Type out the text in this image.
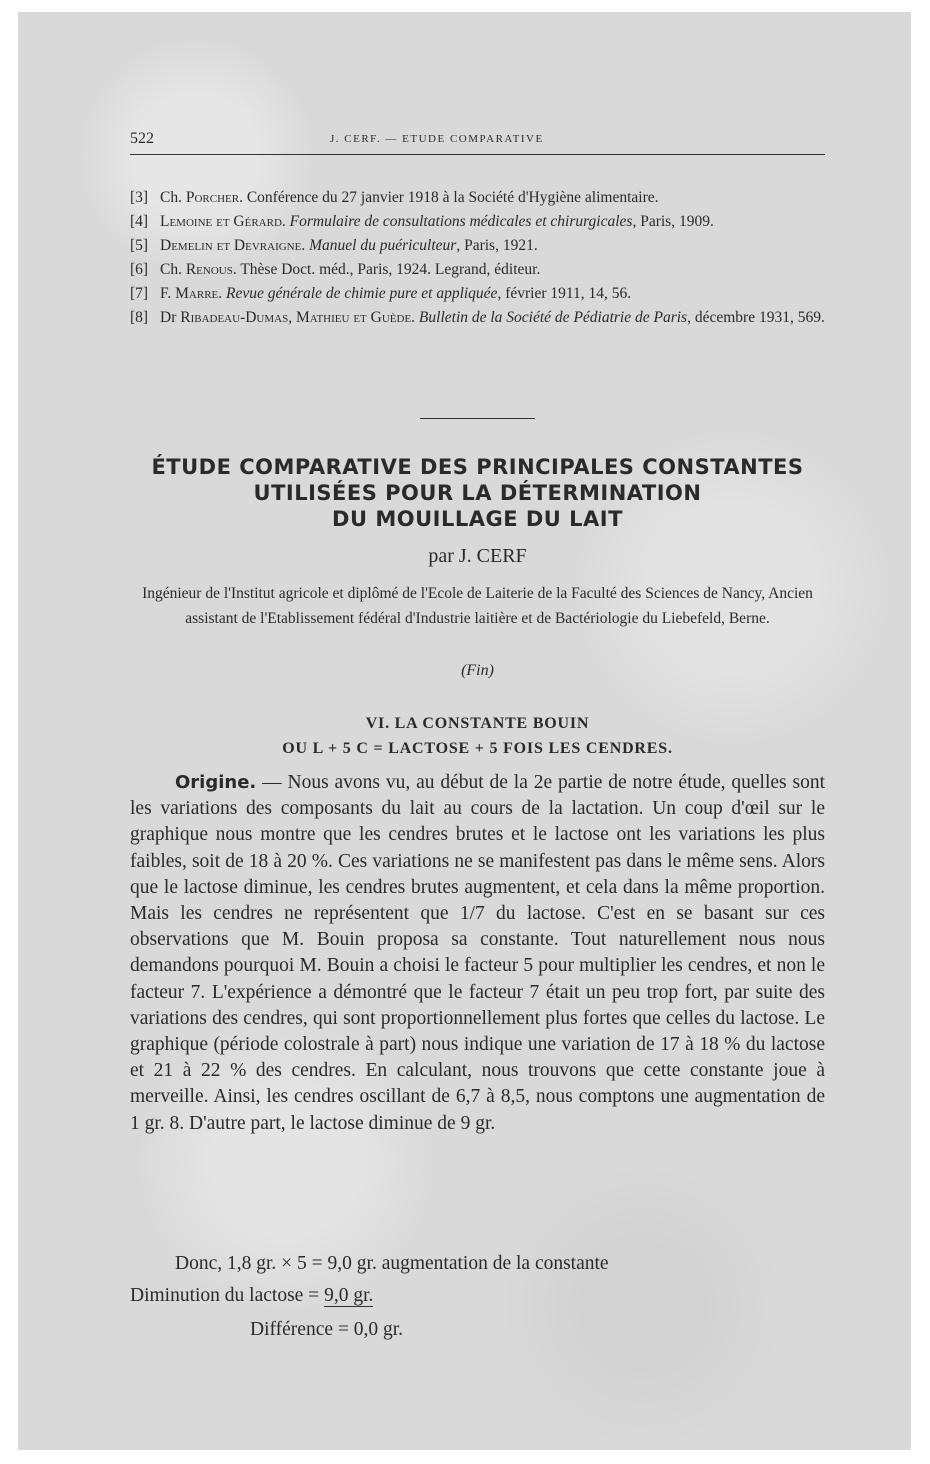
522	J. CERF. — ETUDE COMPARATIVE

[3] Ch. Porcher. Conférence du 27 janvier 1918 à la Société d'Hygiène alimentaire.

[4] Lemoine et Gérard. Formulaire de consultations médicales et chirurgicales, Paris, 1909.

[5] Demelin et Devraigne. Manuel du puériculteur, Paris, 1921.

[6] Ch. Renous. Thèse Doct. méd., Paris, 1924. Legrand, éditeur.

[7] F. Marre. Revue générale de chimie pure et appliquée, février 1911, 14, 56.

[8] Dr Ribadeau-Dumas, Mathieu et Guède. Bulletin de la Société de Pédiatrie de Paris, décembre 1931, 569.

ÉTUDE COMPARATIVE DES PRINCIPALES CONSTANTES
UTILISÉES POUR LA DÉTERMINATION
DU MOUILLAGE DU LAIT
par J. CERF
Ingénieur de l'Institut agricole et diplômé de l'Ecole de Laiterie de la Faculté des Sciences de Nancy, Ancien assistant de l'Etablissement fédéral d'Industrie laitière et de Bactériologie du Liebefeld, Berne.
(Fin)
VI. LA CONSTANTE BOUIN
OU L + 5 C = LACTOSE + 5 FOIS LES CENDRES.

Origine. — Nous avons vu, au début de la 2e partie de notre étude, quelles sont les variations des composants du lait au cours de la lactation. Un coup d'œil sur le graphique nous montre que les cendres brutes et le lactose ont les variations les plus faibles, soit de 18 à 20 %. Ces variations ne se manifestent pas dans le même sens. Alors que le lactose diminue, les cendres brutes augmentent, et cela dans la même proportion. Mais les cendres ne représentent que 1/7 du lactose. C'est en se basant sur ces observations que M. Bouin proposa sa constante. Tout naturellement nous nous demandons pourquoi M. Bouin a choisi le facteur 5 pour multiplier les cendres, et non le facteur 7. L'expérience a démontré que le facteur 7 était un peu trop fort, par suite des variations des cendres, qui sont proportionnellement plus fortes que celles du lactose. Le graphique (période colostrale à part) nous indique une variation de 17 à 18 % du lactose et 21 à 22 % des cendres. En calculant, nous trouvons que cette constante joue à merveille. Ainsi, les cendres oscillant de 6,7 à 8,5, nous comptons une augmentation de 1 gr. 8. D'autre part, le lactose diminue de 9 gr.

Donc, 1,8 gr. × 5 = 9,0 gr. augmentation de la constante
Diminution du lactose = 9,0 gr.
Différence = 0,0 gr.
